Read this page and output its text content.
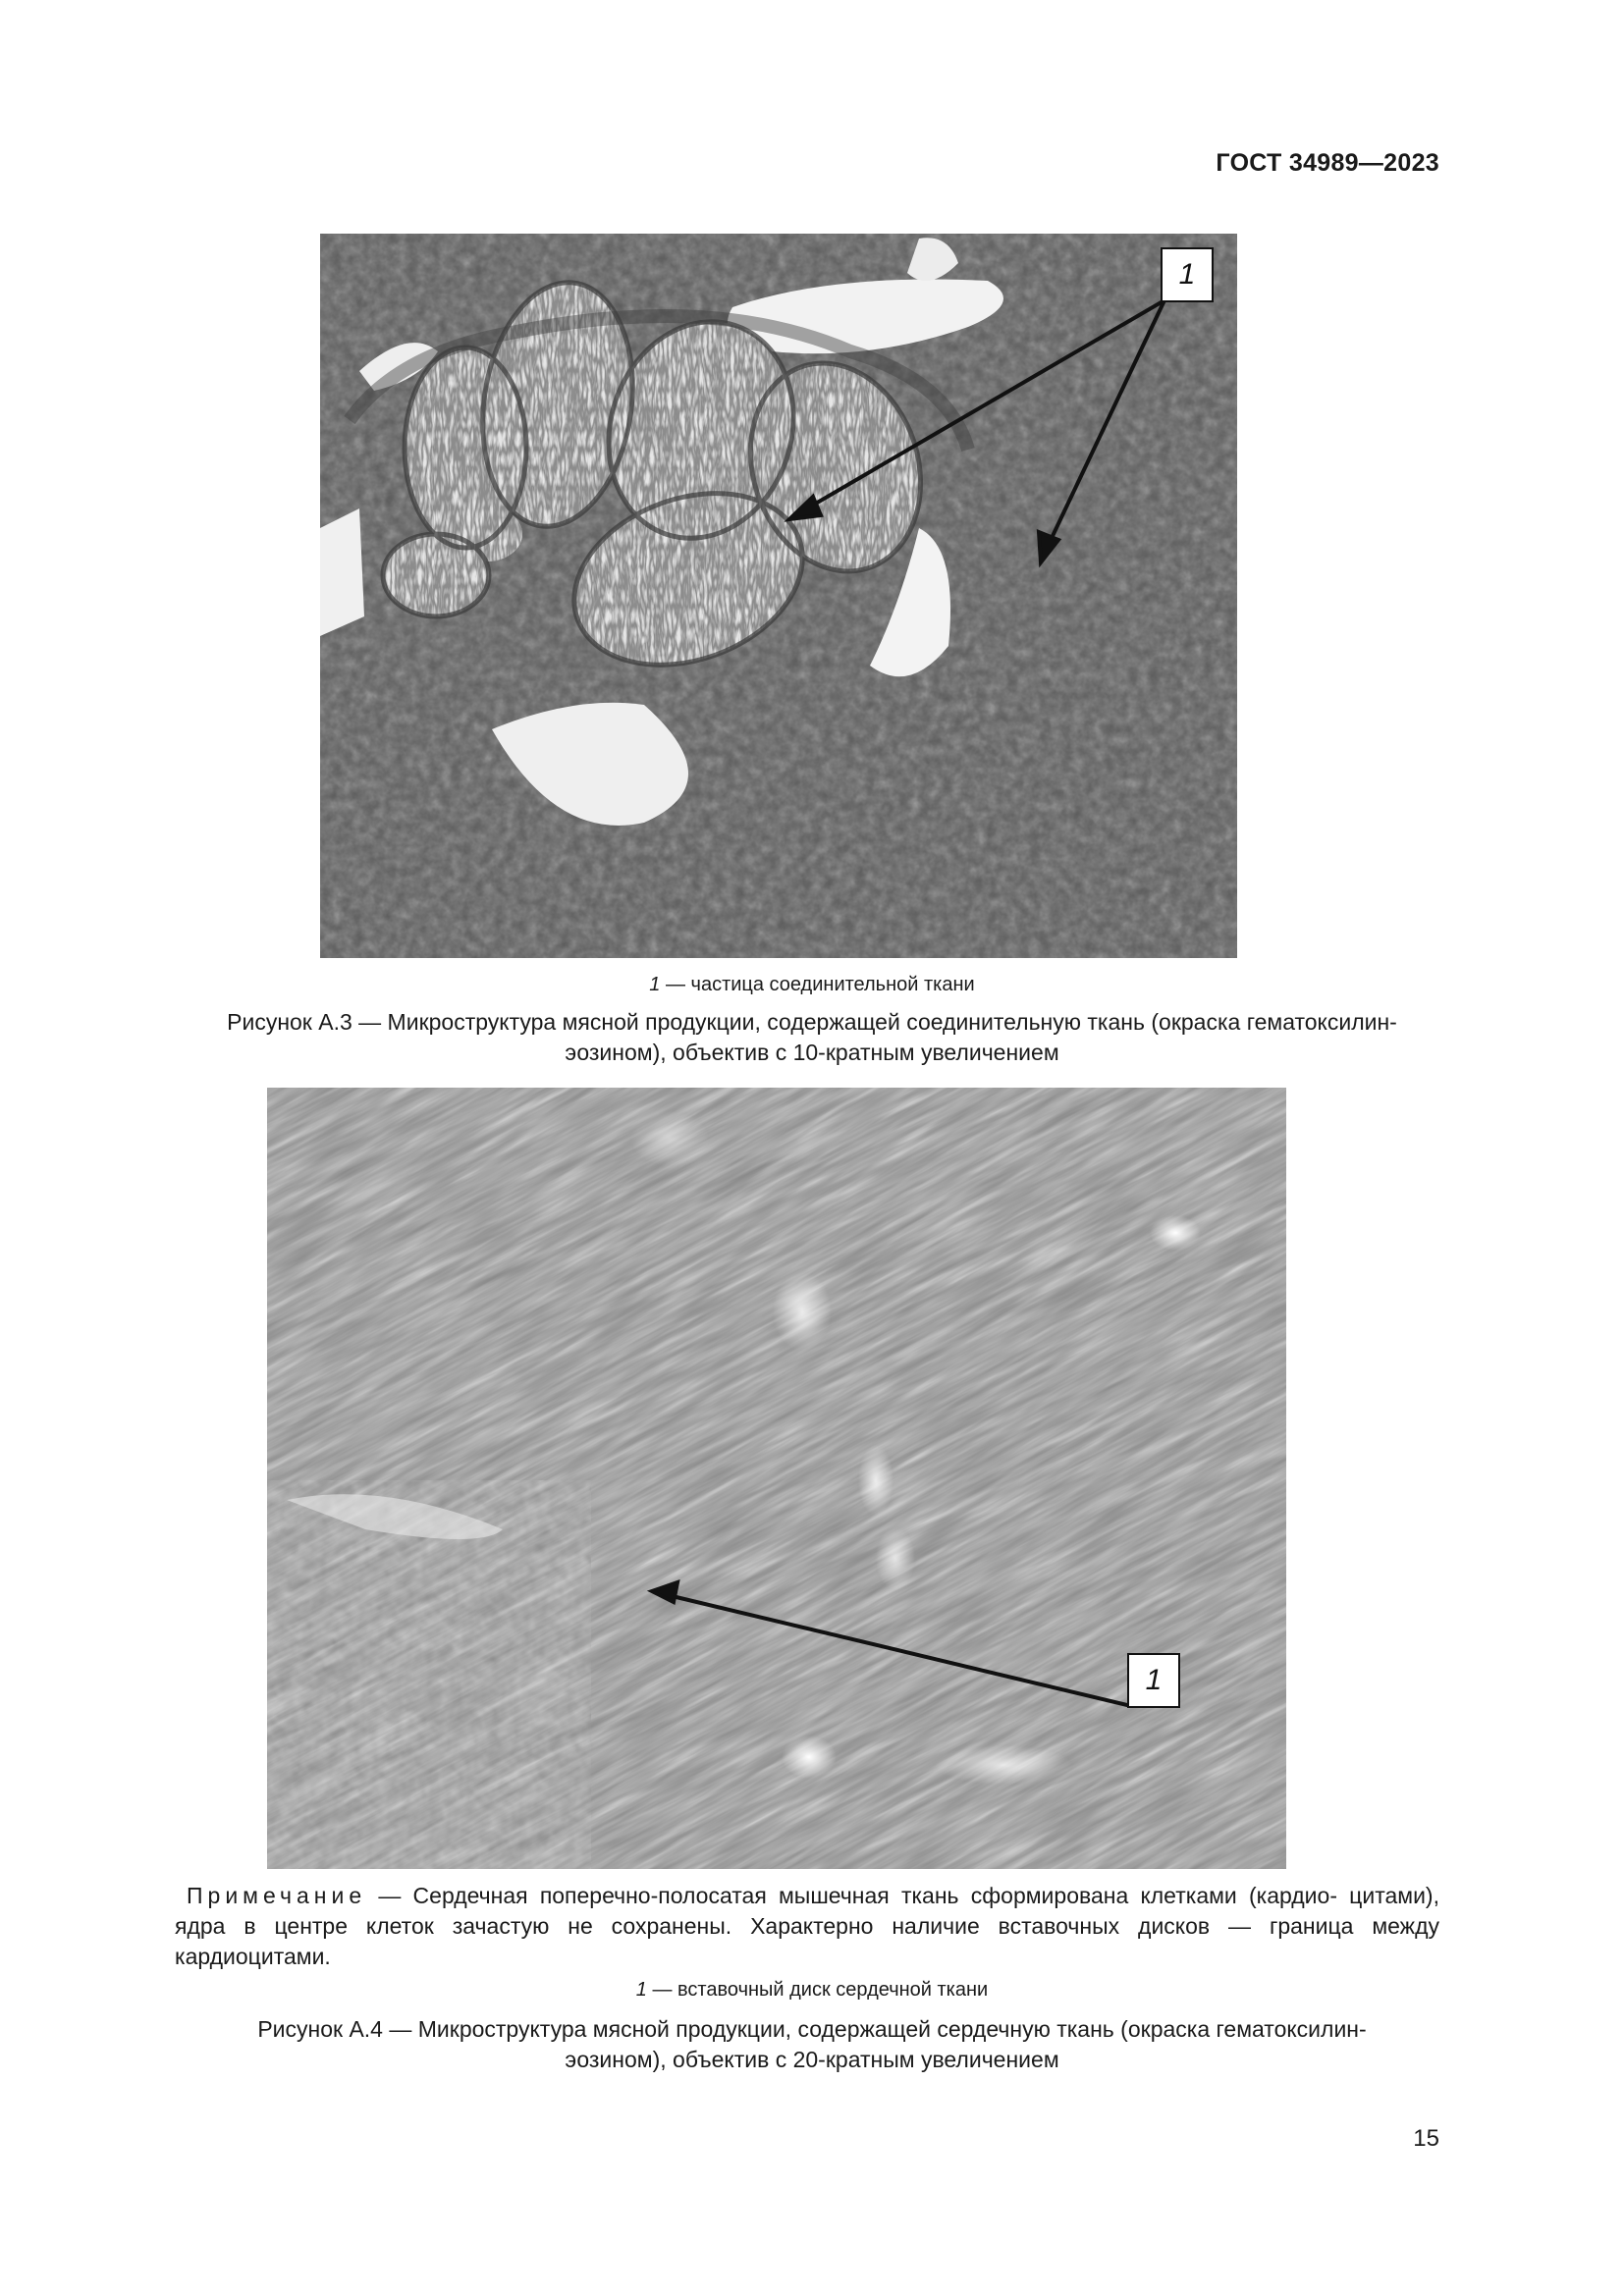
ГОСТ 34989—2023
1
1 — частица соединительной ткани
Рисунок А.3 — Микроструктура мясной продукции, содержащей соединительную ткань (окраска гематоксилин-
эозином), объектив с 10-кратным увеличением
1
Примечание — Сердечная поперечно-полосатая мышечная ткань сформирована клетками (кардио- цитами), ядра в центре клеток зачастую не сохранены. Характерно наличие вставочных дисков — граница между кардиоцитами.
1 — вставочный диск сердечной ткани
Рисунок А.4 — Микроструктура мясной продукции, содержащей сердечную ткань (окраска гематоксилин-
эозином), объектив с 20-кратным увеличением
15
